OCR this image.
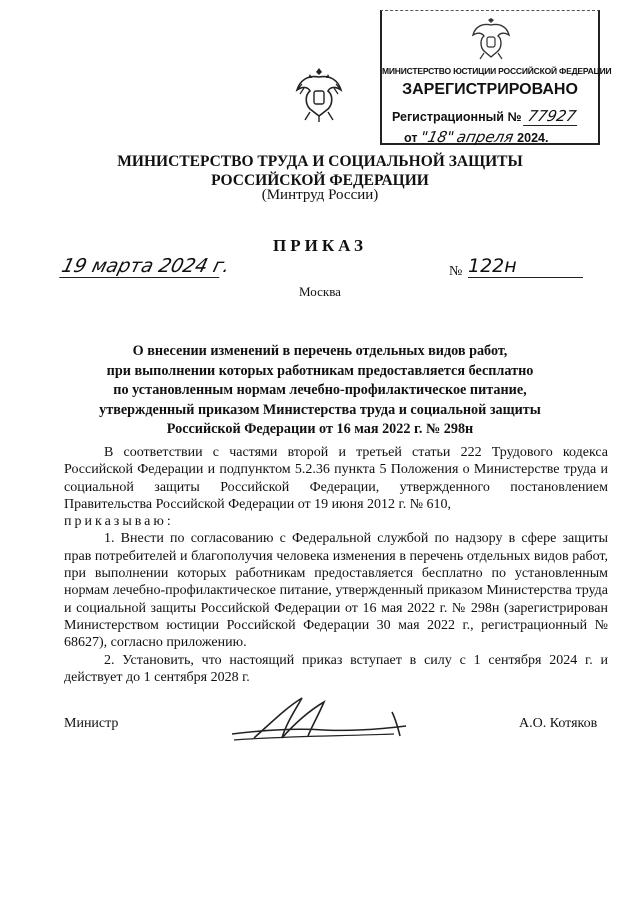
МИНИСТЕРСТВО ЮСТИЦИИ РОССИЙСКОЙ ФЕДЕРАЦИИ
ЗАРЕГИСТРИРОВАНО
Регистрационный № 77927
от "18" апреля 2024.
МИНИСТЕРСТВО ТРУДА И СОЦИАЛЬНОЙ ЗАЩИТЫ
РОССИЙСКОЙ ФЕДЕРАЦИИ
(Минтруд России)
ПРИКАЗ
19 марта 2024 г.	№ 122н
Москва
О внесении изменений в перечень отдельных видов работ,
при выполнении которых работникам предоставляется бесплатно
по установленным нормам лечебно-профилактическое питание,
утвержденный приказом Министерства труда и социальной защиты
Российской Федерации от 16 мая 2022 г. № 298н

В соответствии с частями второй и третьей статьи 222 Трудового кодекса Российской Федерации и подпунктом 5.2.36 пункта 5 Положения о Министерстве труда и социальной защиты Российской Федерации, утвержденного постановлением Правительства Российской Федерации от 19 июня 2012 г. № 610,

приказываю:

1. Внести по согласованию с Федеральной службой по надзору в сфере защиты прав потребителей и благополучия человека изменения в перечень отдельных видов работ, при выполнении которых работникам предоставляется бесплатно по установленным нормам лечебно-профилактическое питание, утвержденный приказом Министерства труда и социальной защиты Российской Федерации от 16 мая 2022 г. № 298н (зарегистрирован Министерством юстиции Российской Федерации 30 мая 2022 г., регистрационный № 68627), согласно приложению.

2. Установить, что настоящий приказ вступает в силу с 1 сентября 2024 г. и действует до 1 сентября 2028 г.

Министр	А.О. Котяков
